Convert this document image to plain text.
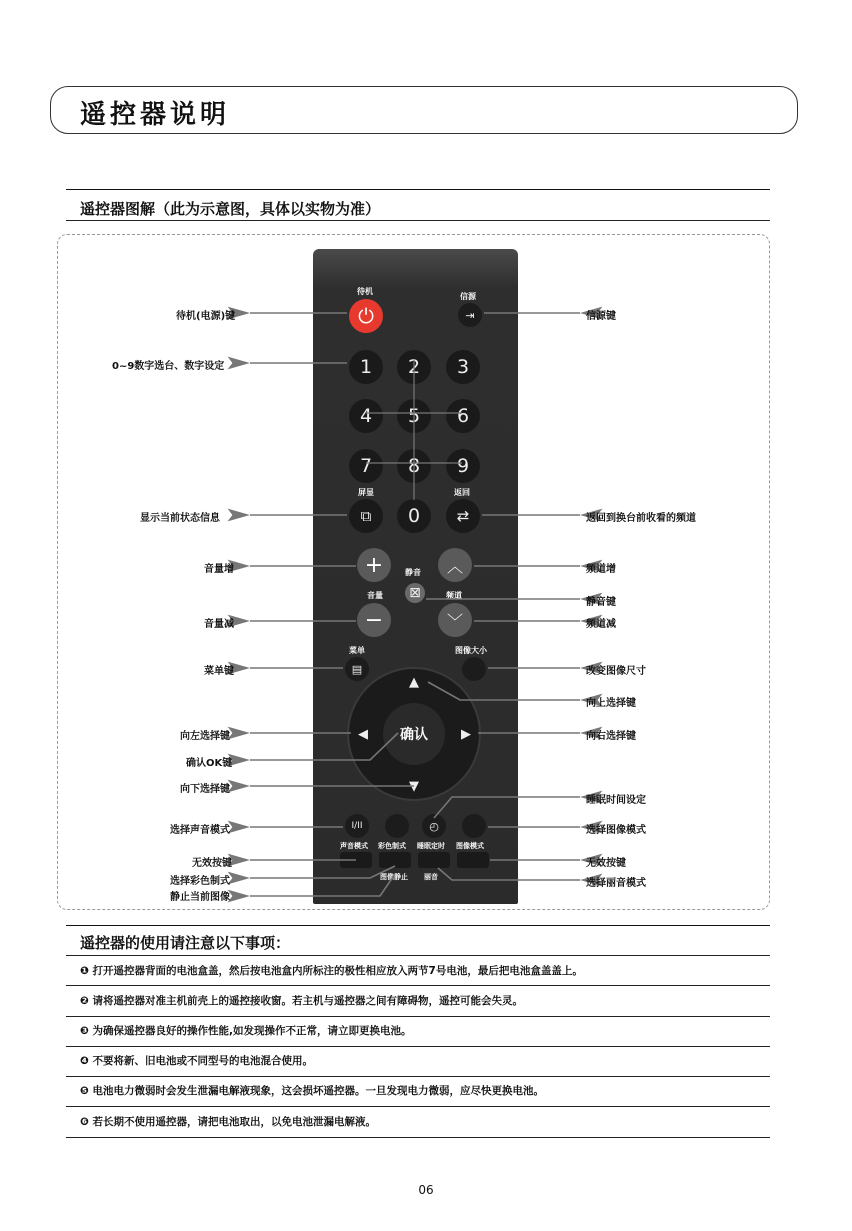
遥控器说明
遥控器图解（此为示意图，具体以实物为准）
待机
信源
⏻	⇥
1	2	3
4	5	6
7	8	9
屏显	返回
⧉	0	⇄
+	︿
静音
音量	频道
⊠
−	﹀
菜单	图像大小
▤
▲
▼
◀	▶
确认
I/II	◴
声音模式 彩色制式 睡眠定时 图像模式
图像静止 丽音
待机(电源)键
0~9数字选台、数字设定
显示当前状态信息
音量增
音量减
菜单键
向左选择键
确认OK键
向下选择键
选择声音模式
无效按键
选择彩色制式
静止当前图像
信源键
返回到换台前收看的频道
频道增
静音键
频道减
改变图像尺寸
向上选择键
向右选择键
睡眠时间设定
选择图像模式
无效按键
选择丽音模式
遥控器的使用请注意以下事项：
❶ 打开遥控器背面的电池盒盖，然后按电池盒内所标注的极性相应放入两节7号电池，最后把电池盒盖盖上。
❷ 请将遥控器对准主机前壳上的遥控接收窗。若主机与遥控器之间有障碍物，遥控可能会失灵。
❸ 为确保遥控器良好的操作性能,如发现操作不正常，请立即更换电池。
❹ 不要将新、旧电池或不同型号的电池混合使用。
❺ 电池电力微弱时会发生泄漏电解液现象，这会损坏遥控器。一旦发现电力微弱，应尽快更换电池。
❻ 若长期不使用遥控器，请把电池取出，以免电池泄漏电解液。
06
